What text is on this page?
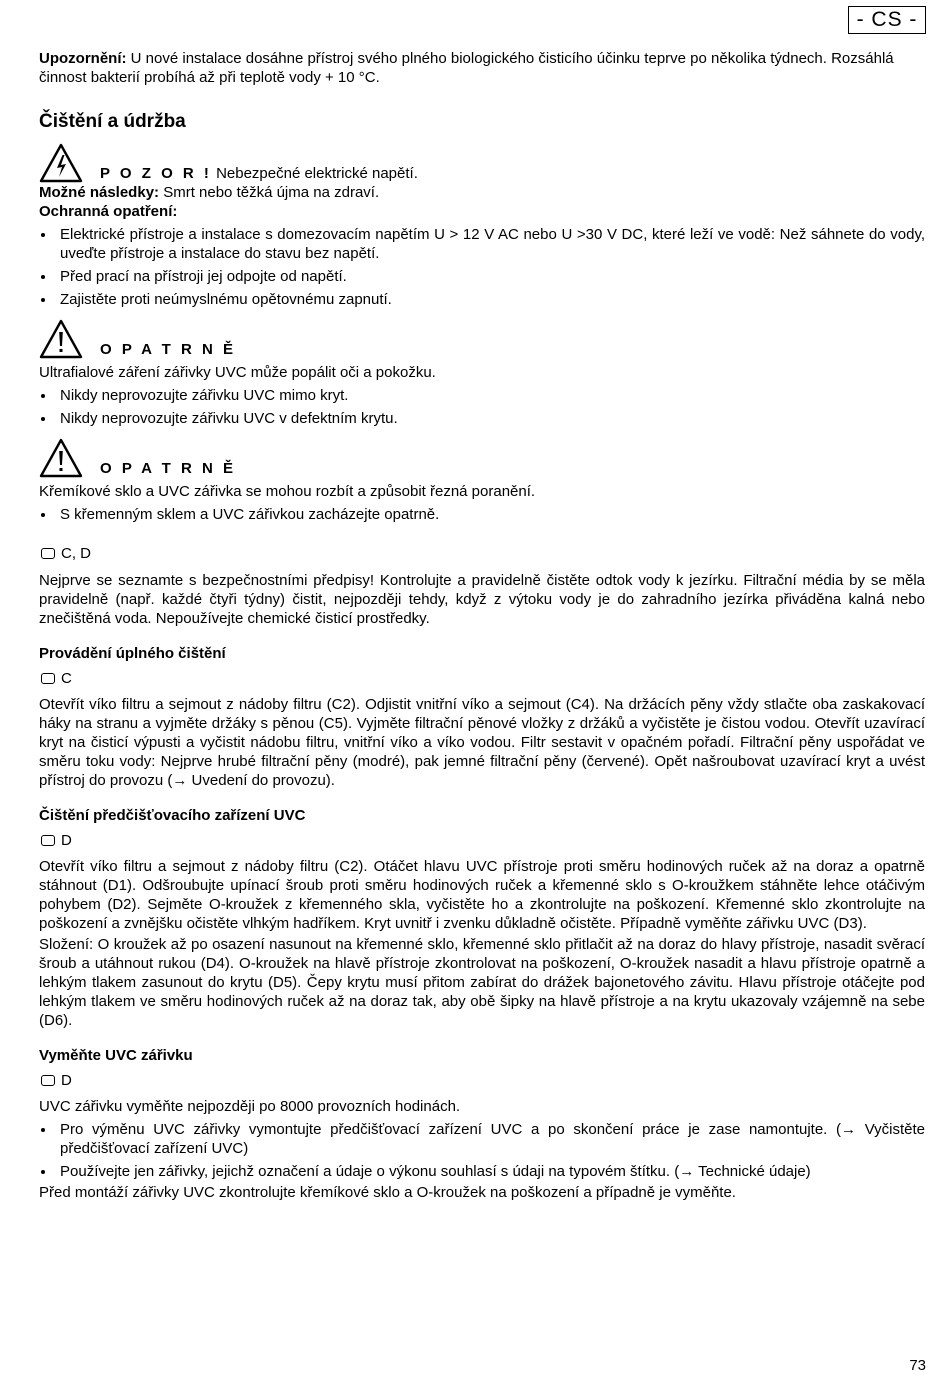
- CS -

Upozornění: U nové instalace dosáhne přístroj svého plného biologického čisticího účinku teprve po několika týdnech. Rozsáhlá činnost bakterií probíhá až při teplotě vody + 10 °C.

Čištění a údržba
P O Z O R ! Nebezpečné elektrické napětí.

Možné následky: Smrt nebo těžká újma na zdraví.

Ochranná opatření:

Elektrické přístroje a instalace s domezovacím napětím U > 12 V AC nebo U >30 V DC, které leží ve vodě: Než sáhnete do vody, uveďte přístroje a instalace do stavu bez napětí.
Před prací na přístroji jej odpojte od napětí.
Zajistěte proti neúmyslnému opětovnému zapnutí.
O P A T R N Ě

Ultrafialové záření zářivky UVC může popálit oči a pokožku.

Nikdy neprovozujte zářivku UVC mimo kryt.
Nikdy neprovozujte zářivku UVC v defektním krytu.
O P A T R N Ě

Křemíkové sklo a UVC zářivka se mohou rozbít a způsobit řezná poranění.

S křemenným sklem a UVC zářivkou zacházejte opatrně.
C, D

Nejprve se seznamte s bezpečnostními předpisy! Kontrolujte a pravidelně čistěte odtok vody k jezírku. Filtrační média by se měla pravidelně (např. každé čtyři týdny) čistit, nejpozději tehdy, když z výtoku vody je do zahradního jezírka přiváděna kalná nebo znečištěná voda. Nepoužívejte chemické čisticí prostředky.

Provádění úplného čištění
C

Otevřít víko filtru a sejmout z nádoby filtru (C2). Odjistit vnitřní víko a sejmout (C4). Na držácích pěny vždy stlačte oba zaskakovací háky na stranu a vyjměte držáky s pěnou (C5). Vyjměte filtrační pěnové vložky z držáků a vyčistěte je čistou vodou. Otevřít uzavírací kryt na čisticí výpusti a vyčistit nádobu filtru, vnitřní víko a víko vodou. Filtr sestavit v opačném pořadí. Filtrační pěny uspořádat ve směru toku vody: Nejprve hrubé filtrační pěny (modré), pak jemné filtrační pěny (červené). Opět našroubovat uzavírací kryt a uvést přístroj do provozu (→ Uvedení do provozu).

Čištění předčišťovacího zařízení UVC
D

Otevřít víko filtru a sejmout z nádoby filtru (C2). Otáčet hlavu UVC přístroje proti směru hodinových ruček až na doraz a opatrně stáhnout (D1). Odšroubujte upínací šroub proti směru hodinových ruček a křemenné sklo s O-kroužkem stáhněte lehce otáčivým pohybem (D2). Sejměte O-kroužek z křemenného skla, vyčistěte ho a zkontrolujte na poškození. Křemenné sklo zkontrolujte na poškození a zvnějšku očistěte vlhkým hadříkem. Kryt uvnitř i zvenku důkladně očistěte. Případně vyměňte zářivku UVC (D3).

Složení: O kroužek až po osazení nasunout na křemenné sklo, křemenné sklo přitlačit až na doraz do hlavy přístroje, nasadit svěrací šroub a utáhnout rukou (D4). O-kroužek na hlavě přístroje zkontrolovat na poškození, O-kroužek nasadit a hlavu přístroje opatrně a lehkým tlakem zasunout do krytu (D5). Čepy krytu musí přitom zabírat do drážek bajonetového závitu. Hlavu přístroje otáčejte pod lehkým tlakem ve směru hodinových ruček až na doraz tak, aby obě šipky na hlavě přístroje a na krytu ukazovaly vzájemně na sebe (D6).

Vyměňte UVC zářivku
D

UVC zářivku vyměňte nejpozději po 8000 provozních hodinách.

Pro výměnu UVC zářivky vymontujte předčišťovací zařízení UVC a po skončení práce je zase namontujte. (→ Vyčistěte předčišťovací zařízení UVC)
Používejte jen zářivky, jejichž označení a údaje o výkonu souhlasí s údaji na typovém štítku. (→ Technické údaje)

Před montáží zářivky UVC zkontrolujte křemíkové sklo a O-kroužek na poškození a případně je vyměňte.

73
